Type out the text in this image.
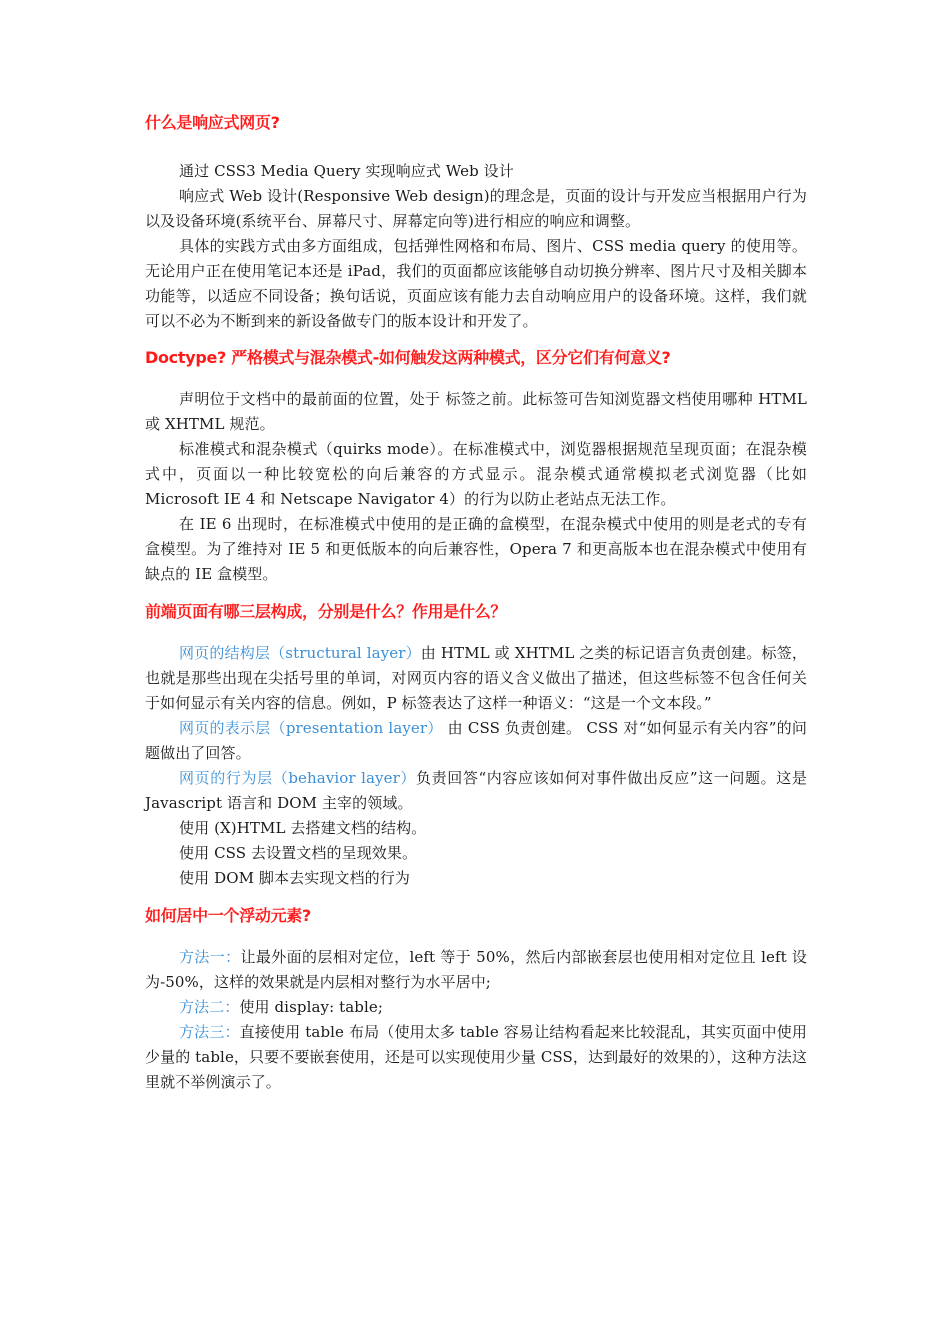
什么是响应式网页?

通过 CSS3 Media Query 实现响应式 Web 设计

响应式 Web 设计(Responsive Web design)的理念是，页面的设计与开发应当根据用户行为以及设备环境(系统平台、屏幕尺寸、屏幕定向等)进行相应的响应和调整。

具体的实践方式由多方面组成，包括弹性网格和布局、图片、CSS media query 的使用等。无论用户正在使用笔记本还是 iPad，我们的页面都应该能够自动切换分辨率、图片尺寸及相关脚本功能等，以适应不同设备；换句话说，页面应该有能力去自动响应用户的设备环境。这样，我们就可以不必为不断到来的新设备做专门的版本设计和开发了。

Doctype? 严格模式与混杂模式-如何触发这两种模式，区分它们有何意义?

声明位于文档中的最前面的位置，处于 标签之前。此标签可告知浏览器文档使用哪种 HTML 或 XHTML 规范。

标准模式和混杂模式（quirks mode）。在标准模式中，浏览器根据规范呈现页面；在混杂模式中，页面以一种比较宽松的向后兼容的方式显示。混杂模式通常模拟老式浏览器（比如 Microsoft IE 4 和 Netscape Navigator 4）的行为以防止老站点无法工作。

在 IE 6 出现时，在标准模式中使用的是正确的盒模型，在混杂模式中使用的则是老式的专有盒模型。为了维持对 IE 5 和更低版本的向后兼容性，Opera 7 和更高版本也在混杂模式中使用有缺点的 IE 盒模型。

前端页面有哪三层构成，分别是什么？作用是什么？

网页的结构层（structural layer）由 HTML 或 XHTML 之类的标记语言负责创建。标签，也就是那些出现在尖括号里的单词，对网页内容的语义含义做出了描述，但这些标签不包含任何关于如何显示有关内容的信息。例如，P 标签表达了这样一种语义：“这是一个文本段。”

网页的表示层（presentation layer） 由 CSS 负责创建。 CSS 对“如何显示有关内容”的问题做出了回答。

网页的行为层（behavior layer）负责回答“内容应该如何对事件做出反应”这一问题。这是 Javascript 语言和 DOM 主宰的领域。

使用 (X)HTML 去搭建文档的结构。

使用 CSS 去设置文档的呈现效果。

使用 DOM 脚本去实现文档的行为

如何居中一个浮动元素?

方法一：让最外面的层相对定位，left 等于 50%，然后内部嵌套层也使用相对定位且 left 设为-50%，这样的效果就是内层相对整行为水平居中;

方法二：使用 display: table;

方法三：直接使用 table 布局（使用太多 table 容易让结构看起来比较混乱，其实页面中使用少量的 table，只要不要嵌套使用，还是可以实现使用少量 CSS，达到最好的效果的），这种方法这里就不举例演示了。
